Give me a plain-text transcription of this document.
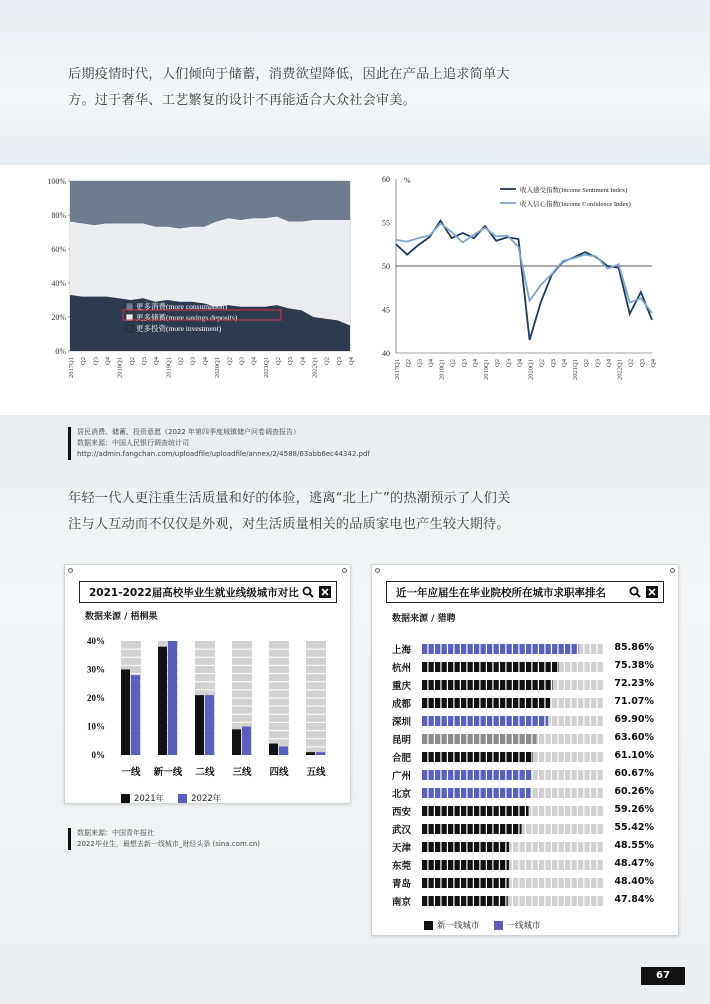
后期疫情时代，人们倾向于储蓄，消费欲望降低，因此在产品上追求简单大
方。过于奢华、工艺繁复的设计不再能适合大众社会审美。
0%
20%
40%
60%
80%
100%
2017Q1 Q2 Q3 Q4 2018Q1 Q2 Q3 Q4 2019Q1 Q2 Q3 Q4 2020Q1 Q2 Q3 Q4 2021Q1 Q2 Q3 Q4 2022Q1 Q2 Q3 Q4
更多消费(more consumption)
更多储蓄(more savings deposits)
更多投资(more investment)
40
45
50
55
60 %
收入感受指数(Income Sentiment Index)
收入信心指数(Income Confidence Index)
2017Q1 Q2 Q3 Q4 2018Q1 Q2 Q3 Q4 2019Q1 Q2 Q3 Q4 2020Q1 Q2 Q3 Q4 2021Q1 Q2 Q3 Q4 2022Q1 Q2 Q3 Q4
居民消费、储蓄、投资意愿（2022 年第四季度城镇储户问卷调查报告）
数据来源：中国人民银行调查统计司
http://admin.fangchan.com/uploadfile/uploadfile/annex/2/4588/63abb6ec44342.pdf
年轻一代人更注重生活质量和好的体验，逃离“北上广”的热潮预示了人们关
注与人互动而不仅仅是外观，对生活质量相关的品质家电也产生较大期待。
2021-2022届高校毕业生就业线级城市对比
数据来源 / 梧桐果
0%
10%
20%
30%
40%
一线 新一线 二线 三线 四线 五线
2021年	2022年
数据来源：中国青年报社
2022毕业生，最想去新一线城市_财经头条 (sina.com.cn)
近一年应届生在毕业院校所在城市求职率排名
数据来源 / 猎聘
上海	85.86%
杭州	75.38%
重庆	72.23%
成都	71.07%
深圳	69.90%
昆明	63.60%
合肥	61.10%
广州	60.67%
北京	60.26%
西安	59.26%
武汉	55.42%
天津	48.55%
东莞	48.47%
青岛	48.40%
南京	47.84%
新一线城市	一线城市
67
